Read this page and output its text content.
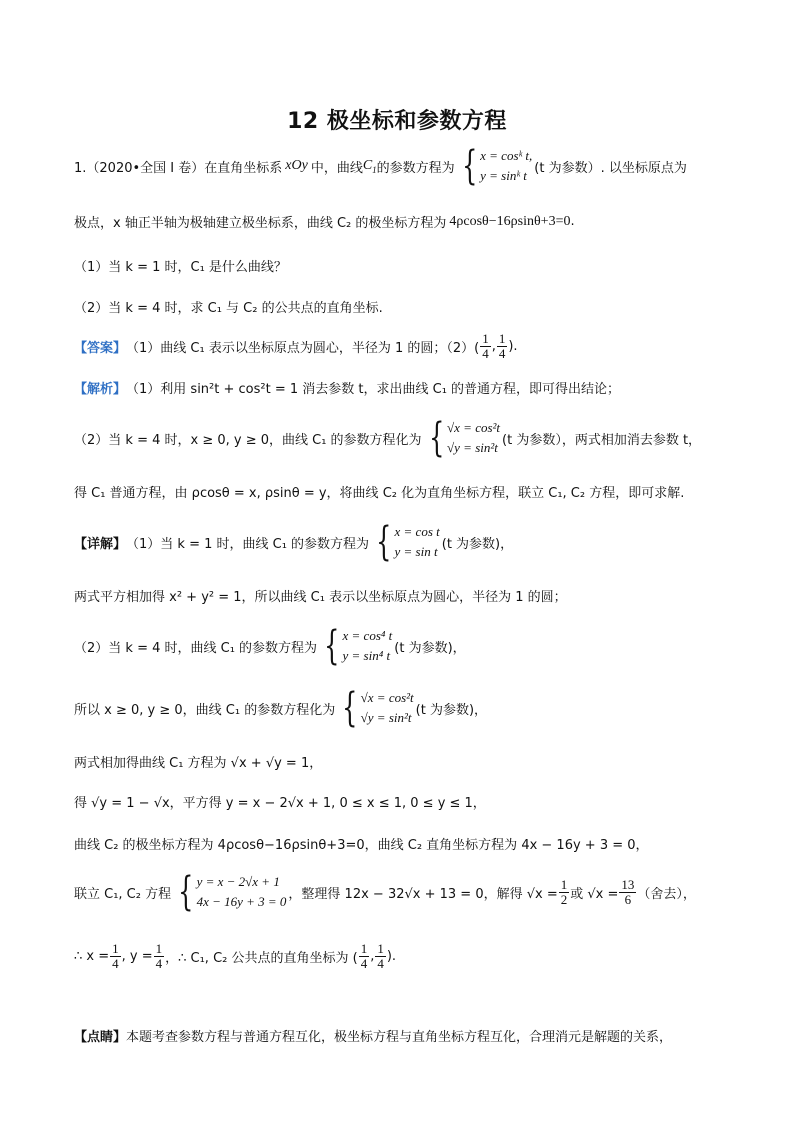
12 极坐标和参数方程
1.（2020•全国 I 卷）在直角坐标系 xOy 中，曲线 $C_1$ 的参数方程为 { x = cosᵏ t,
y = sinᵏ t (t 为参数）. 以坐标原点为
极点，x 轴正半轴为极轴建立极坐标系，曲线 C₂ 的极坐标方程为 4ρcosθ−16ρsinθ+3=0 .
（1）当 k = 1 时，C₁ 是什么曲线？
（2）当 k = 4 时，求 C₁ 与 C₂ 的公共点的直角坐标.
【答案】 （1）曲线 C₁ 表示以坐标原点为圆心，半径为 1 的圆；$(2)( \frac{1}{4}$ , $\frac{1}{4}$ ).
【解析】 （1）利用 sin²t + cos²t = 1 消去参数 t，求出曲线 C₁ 的普通方程，即可得出结论；
（2）当 k = 4 时，x ≥ 0, y ≥ 0，曲线 C₁ 的参数方程化为 { √x = cos²t
√y = sin²t (t 为参数），两式相加消去参数 t，
得 C₁ 普通方程，由 ρcosθ = x, ρsinθ = y，将曲线 C₂ 化为直角坐标方程，联立 C₁, C₂ 方程，即可求解.
【详解】 （1）当 k = 1 时，曲线 C₁ 的参数方程为 { x = cos t
y = sin t (t 为参数)，
两式平方相加得 x² + y² = 1，所以曲线 C₁ 表示以坐标原点为圆心，半径为 1 的圆；
（2）当 k = 4 时，曲线 C₁ 的参数方程为 { x = cos⁴ t
y = sin⁴ t (t 为参数)，
所以 x ≥ 0, y ≥ 0，曲线 C₁ 的参数方程化为 { √x = cos²t
√y = sin²t (t 为参数)，
两式相加得曲线 C₁ 方程为 √x + √y = 1，
得 √y = 1 − √x，平方得 y = x − 2√x + 1, 0 ≤ x ≤ 1, 0 ≤ y ≤ 1，
曲线 C₂ 的极坐标方程为 4ρcosθ−16ρsinθ+3=0，曲线 C₂ 直角坐标方程为 4x − 16y + 3 = 0，
联立 C₁, C₂ 方程 { y = x − 2√x + 1
4x − 16y + 3 = 0 ，整理得 12x − 32√x + 13 = 0，解得 $√x = \frac{1}{2}$ 或 $√x = \frac{13}{6}$ （舍去），
∴ $x = \frac{1}{4}$ , $y = \frac{1}{4}$ ，∴ C₁, C₂ 公共点的直角坐标为 ( $\frac{1}{4}$ , $\frac{1}{4}$ ).
【点睛】 本题考查参数方程与普通方程互化，极坐标方程与直角坐标方程互化，合理消元是解题的关系，
